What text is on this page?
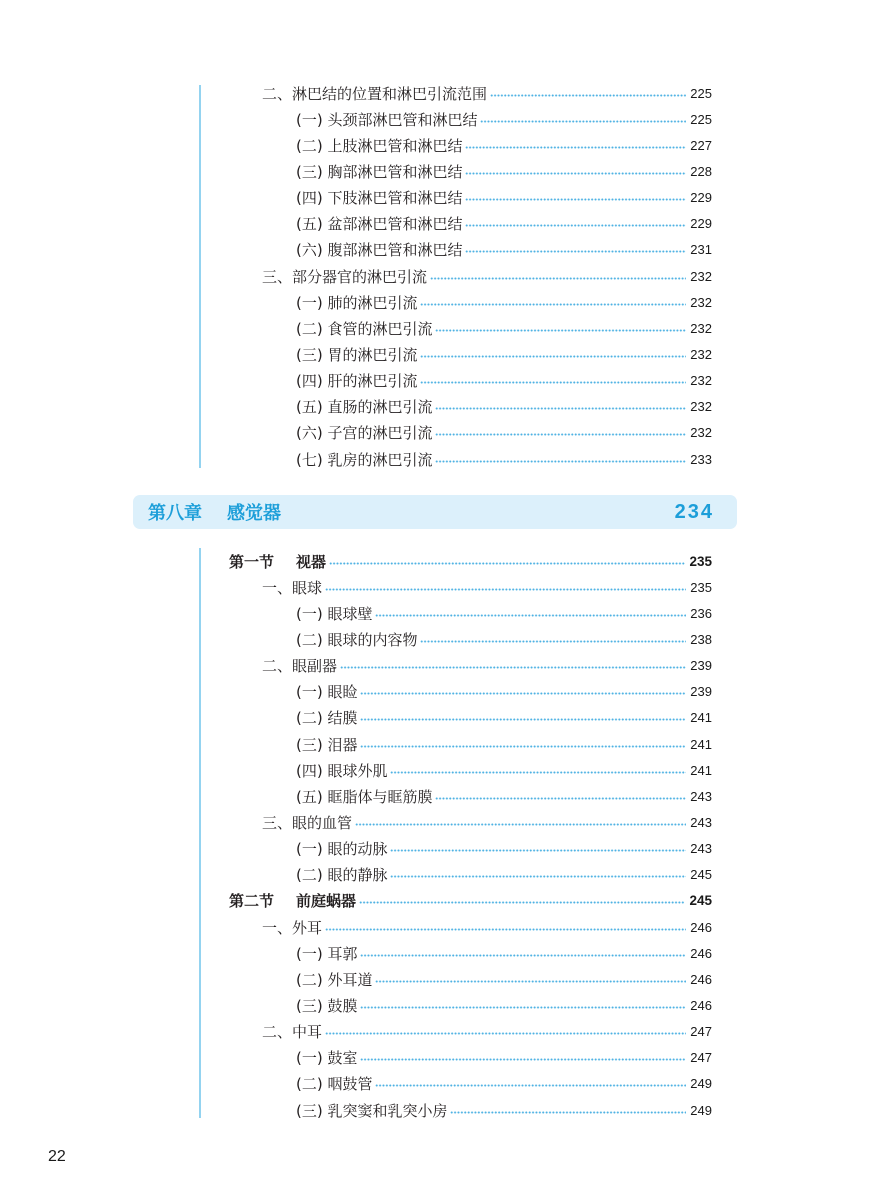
二、淋巴结的位置和淋巴引流范围	225
(一) 头颈部淋巴管和淋巴结	225
(二) 上肢淋巴管和淋巴结	227
(三) 胸部淋巴管和淋巴结	228
(四) 下肢淋巴管和淋巴结	229
(五) 盆部淋巴管和淋巴结	229
(六) 腹部淋巴管和淋巴结	231
三、部分器官的淋巴引流	232
(一) 肺的淋巴引流	232
(二) 食管的淋巴引流	232
(三) 胃的淋巴引流	232
(四) 肝的淋巴引流	232
(五) 直肠的淋巴引流	232
(六) 子宫的淋巴引流	232
(七) 乳房的淋巴引流	233
第八章	感觉器	234
第一节	视器	235
一、眼球	235
(一) 眼球壁	236
(二) 眼球的内容物	238
二、眼副器	239
(一) 眼睑	239
(二) 结膜	241
(三) 泪器	241
(四) 眼球外肌	241
(五) 眶脂体与眶筋膜	243
三、眼的血管	243
(一) 眼的动脉	243
(二) 眼的静脉	245
第二节	前庭蜗器	245
一、外耳	246
(一) 耳郭	246
(二) 外耳道	246
(三) 鼓膜	246
二、中耳	247
(一) 鼓室	247
(二) 咽鼓管	249
(三) 乳突窦和乳突小房	249
22
